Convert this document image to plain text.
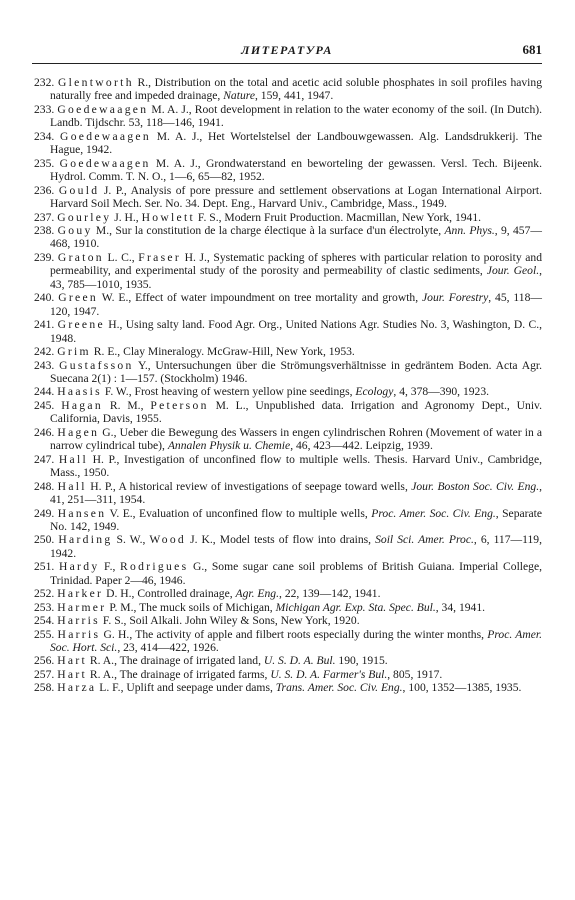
ЛИТЕРАТУРА	681

232. Glentworth R., Distribution on the total and acetic acid soluble phosphates in soil profiles having naturally free and impeded drainage, Nature, 159, 441, 1947.

233. Goedewaagen M. A. J., Root development in relation to the water economy of the soil. (In Dutch). Landb. Tijdschr. 53, 118—146, 1941.

234. Goedewaagen M. A. J., Het Wortelstelsel der Landbouwgewassen. Alg. Landsdrukkerij. The Hague, 1942.

235. Goedewaagen M. A. J., Grondwaterstand en beworteling der gewassen. Versl. Tech. Bijeenk. Hydrol. Comm. T. N. O., 1—6, 65—82, 1952.

236. Gould J. P., Analysis of pore pressure and settlement observations at Logan International Airport. Harvard Soil Mech. Ser. No. 34. Dept. Eng., Harvard Univ., Cambridge, Mass., 1949.

237. Gourley J. H., Howlett F. S., Modern Fruit Production. Macmillan, New York, 1941.

238. Gouy M., Sur la constitution de la charge électique à la surface d'un électrolyte, Ann. Phys., 9, 457—468, 1910.

239. Graton L. C., Fraser H. J., Systematic packing of spheres with particular relation to porosity and permeability, and experimental study of the porosity and permeability of clastic sediments, Jour. Geol., 43, 785—1010, 1935.

240. Green W. E., Effect of water impoundment on tree mortality and growth, Jour. Forestry, 45, 118—120, 1947.

241. Greene H., Using salty land. Food Agr. Org., United Nations Agr. Studies No. 3, Washington, D. C., 1948.

242. Grim R. E., Clay Mineralogy. McGraw-Hill, New York, 1953.

243. Gustafsson Y., Untersuchungen über die Strömungsverhältnisse in gedräntem Boden. Acta Agr. Suecana 2(1) : 1—157. (Stockholm) 1946.

244. Haasis F. W., Frost heaving of western yellow pine seedings, Ecology, 4, 378—390, 1923.

245. Hagan R. M., Peterson M. L., Unpublished data. Irrigation and Agronomy Dept., Univ. California, Davis, 1955.

246. Hagen G., Ueber die Bewegung des Wassers in engen cylindrischen Rohren (Movement of water in a narrow cylindrical tube), Annalen Physik u. Chemie, 46, 423—442. Leipzig, 1939.

247. Hall H. P., Investigation of unconfined flow to multiple wells. Thesis. Harvard Univ., Cambridge, Mass., 1950.

248. Hall H. P., A historical review of investigations of seepage toward wells, Jour. Boston Soc. Civ. Eng., 41, 251—311, 1954.

249. Hansen V. E., Evaluation of unconfined flow to multiple wells, Proc. Amer. Soc. Civ. Eng., Separate No. 142, 1949.

250. Harding S. W., Wood J. K., Model tests of flow into drains, Soil Sci. Amer. Proc., 6, 117—119, 1942.

251. Hardy F., Rodrigues G., Some sugar cane soil problems of British Guiana. Imperial College, Trinidad. Paper 2—46, 1946.

252. Harker D. H., Controlled drainage, Agr. Eng., 22, 139—142, 1941.

253. Harmer P. M., The muck soils of Michigan, Michigan Agr. Exp. Sta. Spec. Bul., 34, 1941.

254. Harris F. S., Soil Alkali. John Wiley & Sons, New York, 1920.

255. Harris G. H., The activity of apple and filbert roots especially during the winter months, Proc. Amer. Soc. Hort. Sci., 23, 414—422, 1926.

256. Hart R. A., The drainage of irrigated land, U. S. D. A. Bul. 190, 1915.

257. Hart R. A., The drainage of irrigated farms, U. S. D. A. Farmer's Bul., 805, 1917.

258. Harza L. F., Uplift and seepage under dams, Trans. Amer. Soc. Civ. Eng., 100, 1352—1385, 1935.
